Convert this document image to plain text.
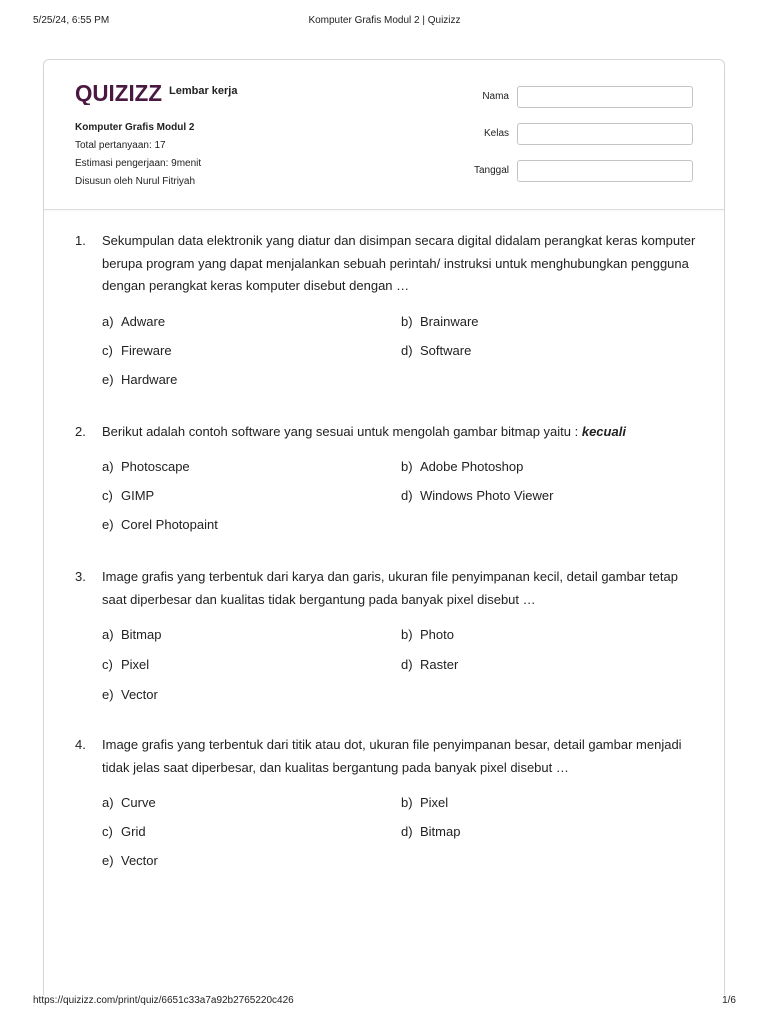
5/25/24, 6:55 PM	Komputer Grafis Modul 2 | Quizizz
QUIZIZZ Lembar kerja
Komputer Grafis Modul 2
Total pertanyaan: 17
Estimasi pengerjaan: 9menit
Disusun oleh Nurul Fitriyah
Nama
Kelas
Tanggal
1. Sekumpulan data elektronik yang diatur dan disimpan secara digital didalam perangkat keras komputer berupa program yang dapat menjalankan sebuah perintah/ instruksi untuk menghubungkan pengguna dengan perangkat keras komputer disebut dengan …
a) Adware	b) Brainware
c) Fireware	d) Software
e) Hardware
2. Berikut adalah contoh software yang sesuai untuk mengolah gambar bitmap yaitu : kecuali
a) Photoscape	b) Adobe Photoshop
c) GIMP	d) Windows Photo Viewer
e) Corel Photopaint
3. Image grafis yang terbentuk dari karya dan garis, ukuran file penyimpanan kecil, detail gambar tetap saat diperbesar dan kualitas tidak bergantung pada banyak pixel disebut …
a) Bitmap	b) Photo
c) Pixel	d) Raster
e) Vector
4. Image grafis yang terbentuk dari titik atau dot, ukuran file penyimpanan besar, detail gambar menjadi tidak jelas saat diperbesar, dan kualitas bergantung pada banyak pixel disebut …
a) Curve	b) Pixel
c) Grid	d) Bitmap
e) Vector
https://quizizz.com/print/quiz/6651c33a7a92b2765220c426	1/6
